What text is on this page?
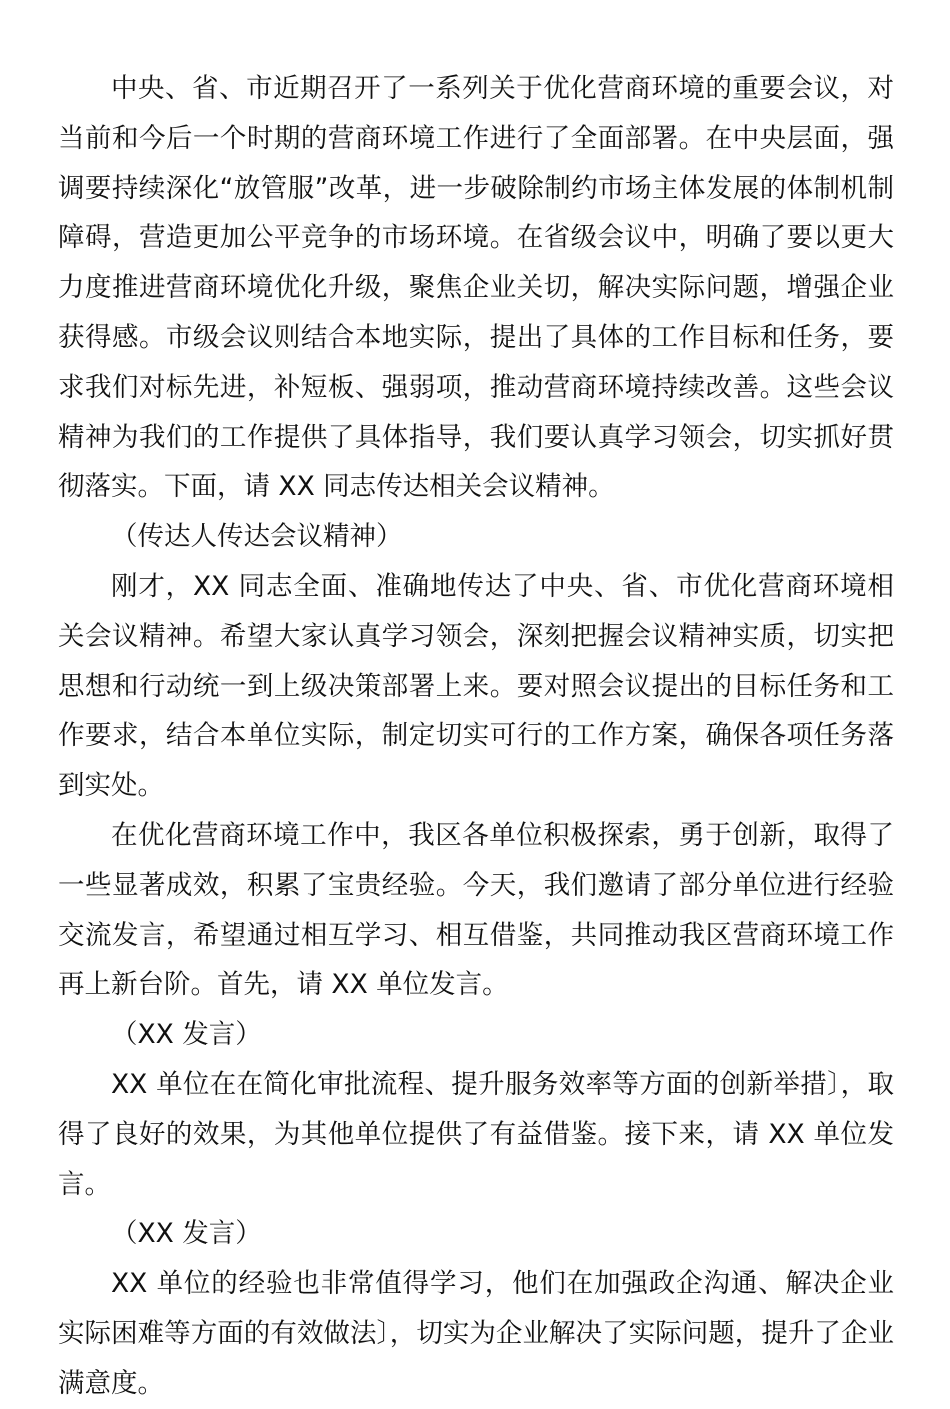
中央、省、市近期召开了一系列关于优化营商环境的重要会议，对当前和今后一个时期的营商环境工作进行了全面部署。在中央层面，强调要持续深化“放管服”改革，进一步破除制约市场主体发展的体制机制障碍，营造更加公平竞争的市场环境。在省级会议中，明确了要以更大力度推进营商环境优化升级，聚焦企业关切，解决实际问题，增强企业获得感。市级会议则结合本地实际，提出了具体的工作目标和任务，要求我们对标先进，补短板、强弱项，推动营商环境持续改善。这些会议精神为我们的工作提供了具体指导，我们要认真学习领会，切实抓好贯彻落实。下面，请 XX 同志传达相关会议精神。

（传达人传达会议精神）

刚才，XX 同志全面、准确地传达了中央、省、市优化营商环境相关会议精神。希望大家认真学习领会，深刻把握会议精神实质，切实把思想和行动统一到上级决策部署上来。要对照会议提出的目标任务和工作要求，结合本单位实际，制定切实可行的工作方案，确保各项任务落到实处。

在优化营商环境工作中，我区各单位积极探索，勇于创新，取得了一些显著成效，积累了宝贵经验。今天，我们邀请了部分单位进行经验交流发言，希望通过相互学习、相互借鉴，共同推动我区营商环境工作再上新台阶。首先，请 XX 单位发言。

（XX 发言）

XX 单位在在简化审批流程、提升服务效率等方面的创新举措〕，取得了良好的效果，为其他单位提供了有益借鉴。接下来，请 XX 单位发言。

（XX 发言）

XX 单位的经验也非常值得学习，他们在加强政企沟通、解决企业实际困难等方面的有效做法〕，切实为企业解决了实际问题，提升了企业满意度。
